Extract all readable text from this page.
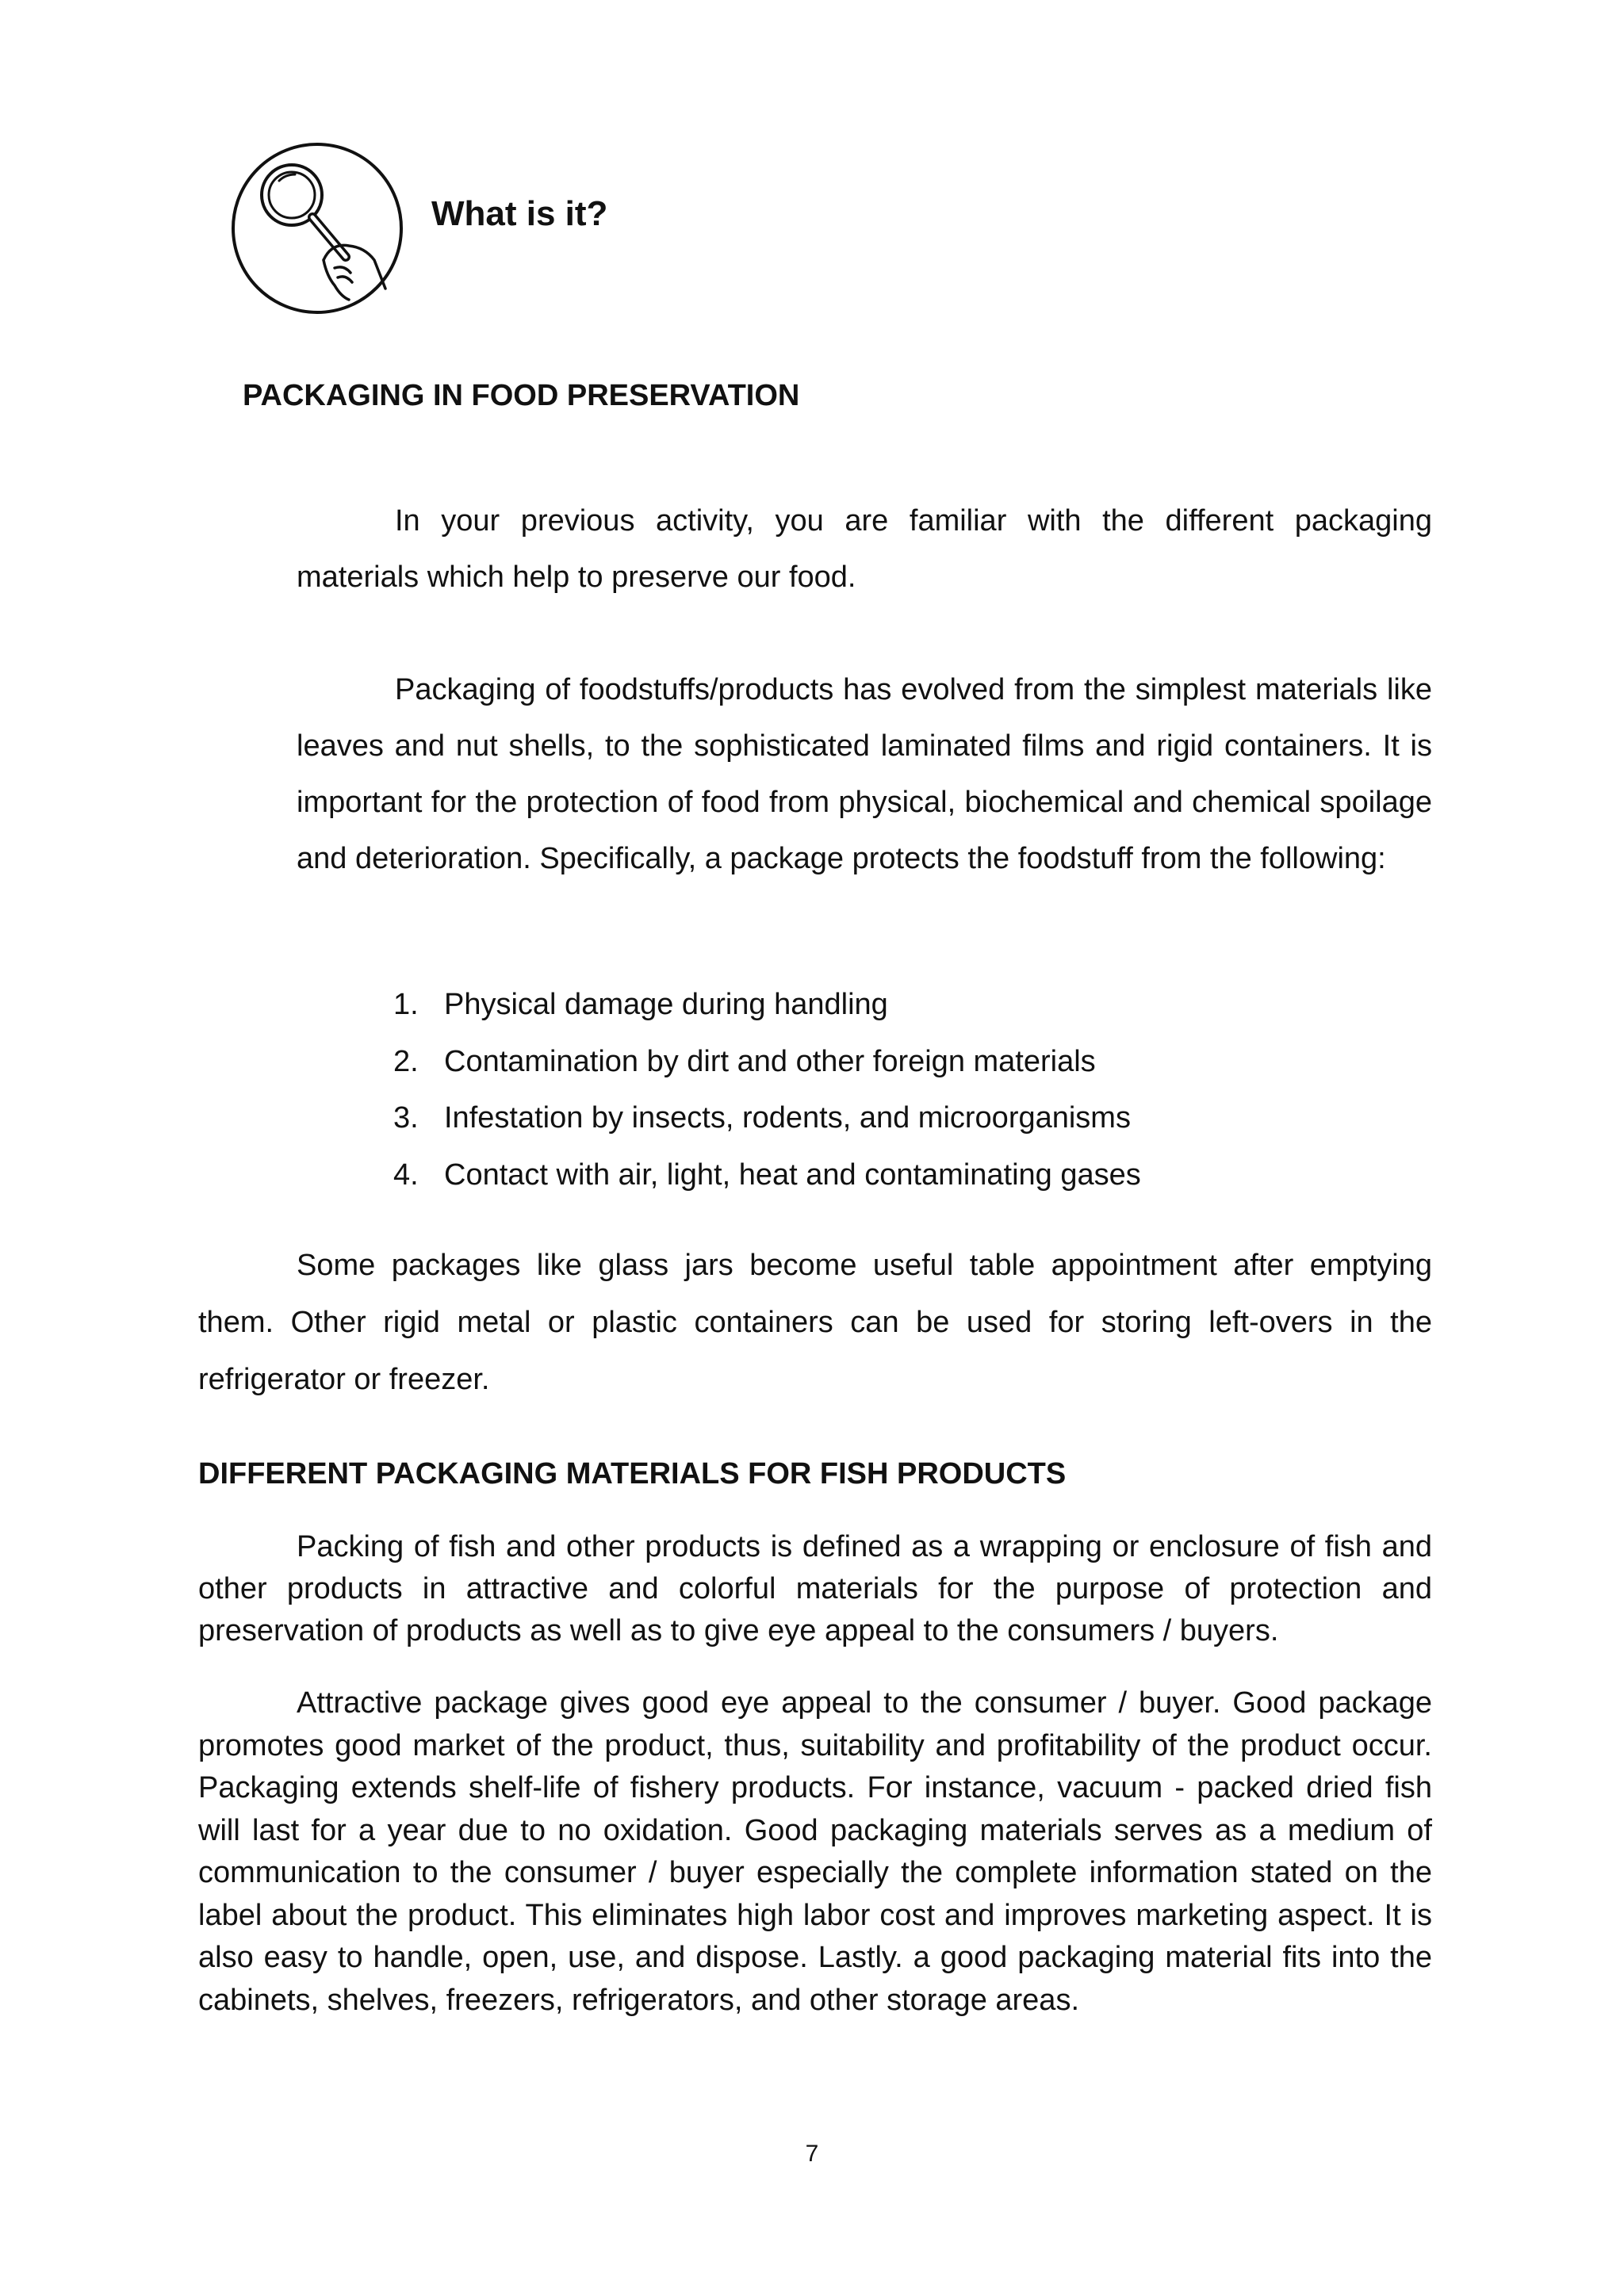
What is it?
PACKAGING IN FOOD PRESERVATION

In your previous activity, you are familiar with the different packaging materials which help to preserve our food.

Packaging of foodstuffs/products has evolved from the simplest materials like leaves and nut shells, to the sophisticated laminated films and rigid containers. It is important for the protection of food from physical, biochemical and chemical spoilage and deterioration. Specifically, a package protects the foodstuff from the following:

1. Physical damage during handling
2. Contamination by dirt and other foreign materials
3. Infestation by insects, rodents, and microorganisms
4. Contact with air, light, heat and contaminating gases

Some packages like glass jars become useful table appointment after emptying them. Other rigid metal or plastic containers can be used for storing left-overs in the refrigerator or freezer.

DIFFERENT PACKAGING MATERIALS FOR FISH PRODUCTS

Packing of fish and other products is defined as a wrapping or enclosure of fish and other products in attractive and colorful materials for the purpose of protection and preservation of products as well as to give eye appeal to the consumers / buyers.

Attractive package gives good eye appeal to the consumer / buyer. Good package promotes good market of the product, thus, suitability and profitability of the product occur. Packaging extends shelf-life of fishery products. For instance, vacuum - packed dried fish will last for a year due to no oxidation. Good packaging materials serves as a medium of communication to the consumer / buyer especially the complete information stated on the label about the product. This eliminates high labor cost and improves marketing aspect. It is also easy to handle, open, use, and dispose. Lastly. a good packaging material fits into the cabinets, shelves, freezers, refrigerators, and other storage areas.

7
